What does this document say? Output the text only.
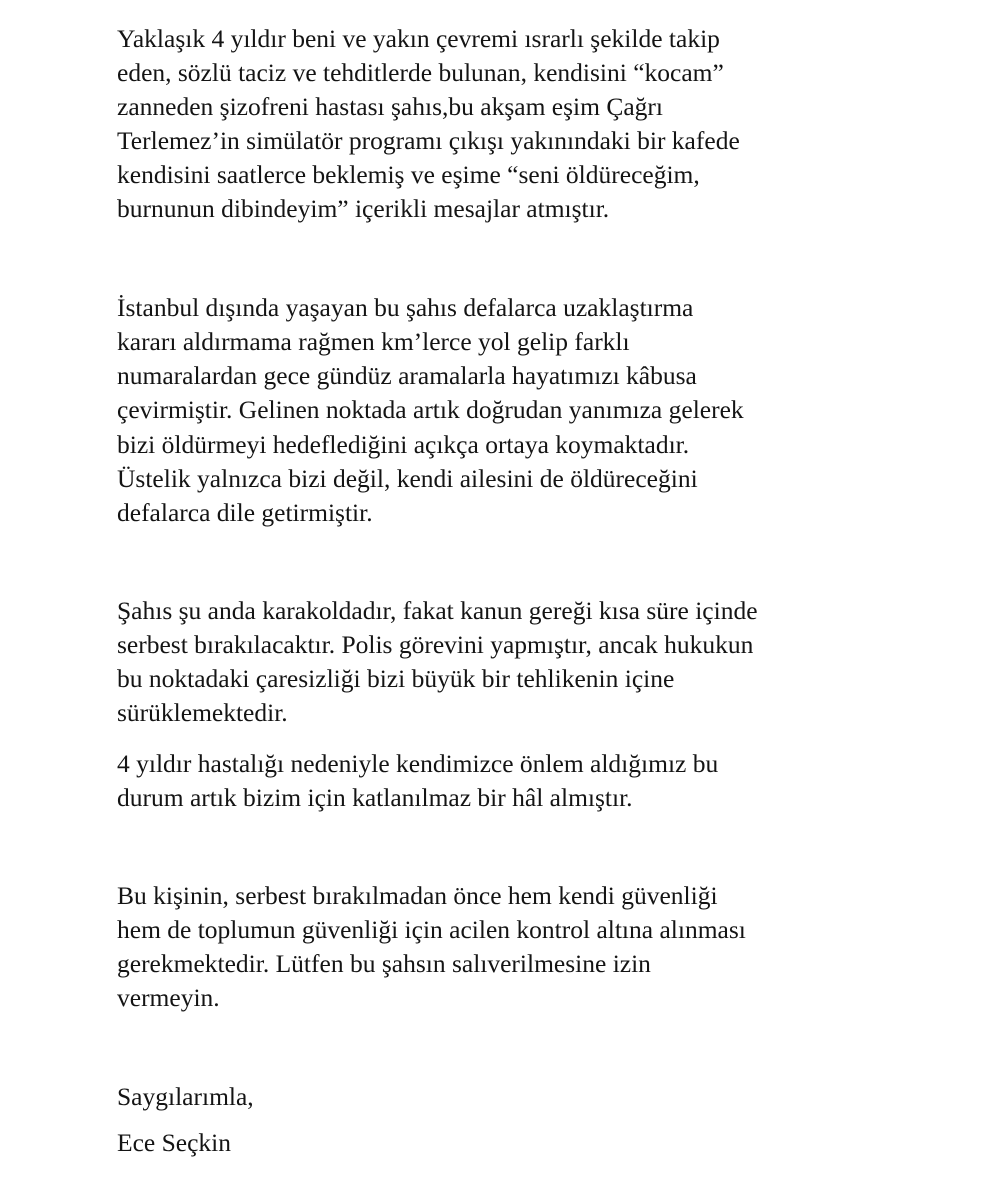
Yaklaşık 4 yıldır beni ve yakın çevremi ısrarlı şekilde takip
eden, sözlü taciz ve tehditlerde bulunan, kendisini “kocam”
zanneden şizofreni hastası şahıs,bu akşam eşim Çağrı
Terlemez’in simülatör programı çıkışı yakınındaki bir kafede
kendisini saatlerce beklemiş ve eşime “seni öldüreceğim,
burnunun dibindeyim” içerikli mesajlar atmıştır.
İstanbul dışında yaşayan bu şahıs defalarca uzaklaştırma
kararı aldırmama rağmen km’lerce yol gelip farklı
numaralardan gece gündüz aramalarla hayatımızı kâbusa
çevirmiştir. Gelinen noktada artık doğrudan yanımıza gelerek
bizi öldürmeyi hedeflediğini açıkça ortaya koymaktadır.
Üstelik yalnızca bizi değil, kendi ailesini de öldüreceğini
defalarca dile getirmiştir.
Şahıs şu anda karakoldadır, fakat kanun gereği kısa süre içinde
serbest bırakılacaktır. Polis görevini yapmıştır, ancak hukukun
bu noktadaki çaresizliği bizi büyük bir tehlikenin içine
sürüklemektedir.
4 yıldır hastalığı nedeniyle kendimizce önlem aldığımız bu
durum artık bizim için katlanılmaz bir hâl almıştır.
Bu kişinin, serbest bırakılmadan önce hem kendi güvenliği
hem de toplumun güvenliği için acilen kontrol altına alınması
gerekmektedir. Lütfen bu şahsın salıverilmesine izin
vermeyin.
Saygılarımla,
Ece Seçkin
